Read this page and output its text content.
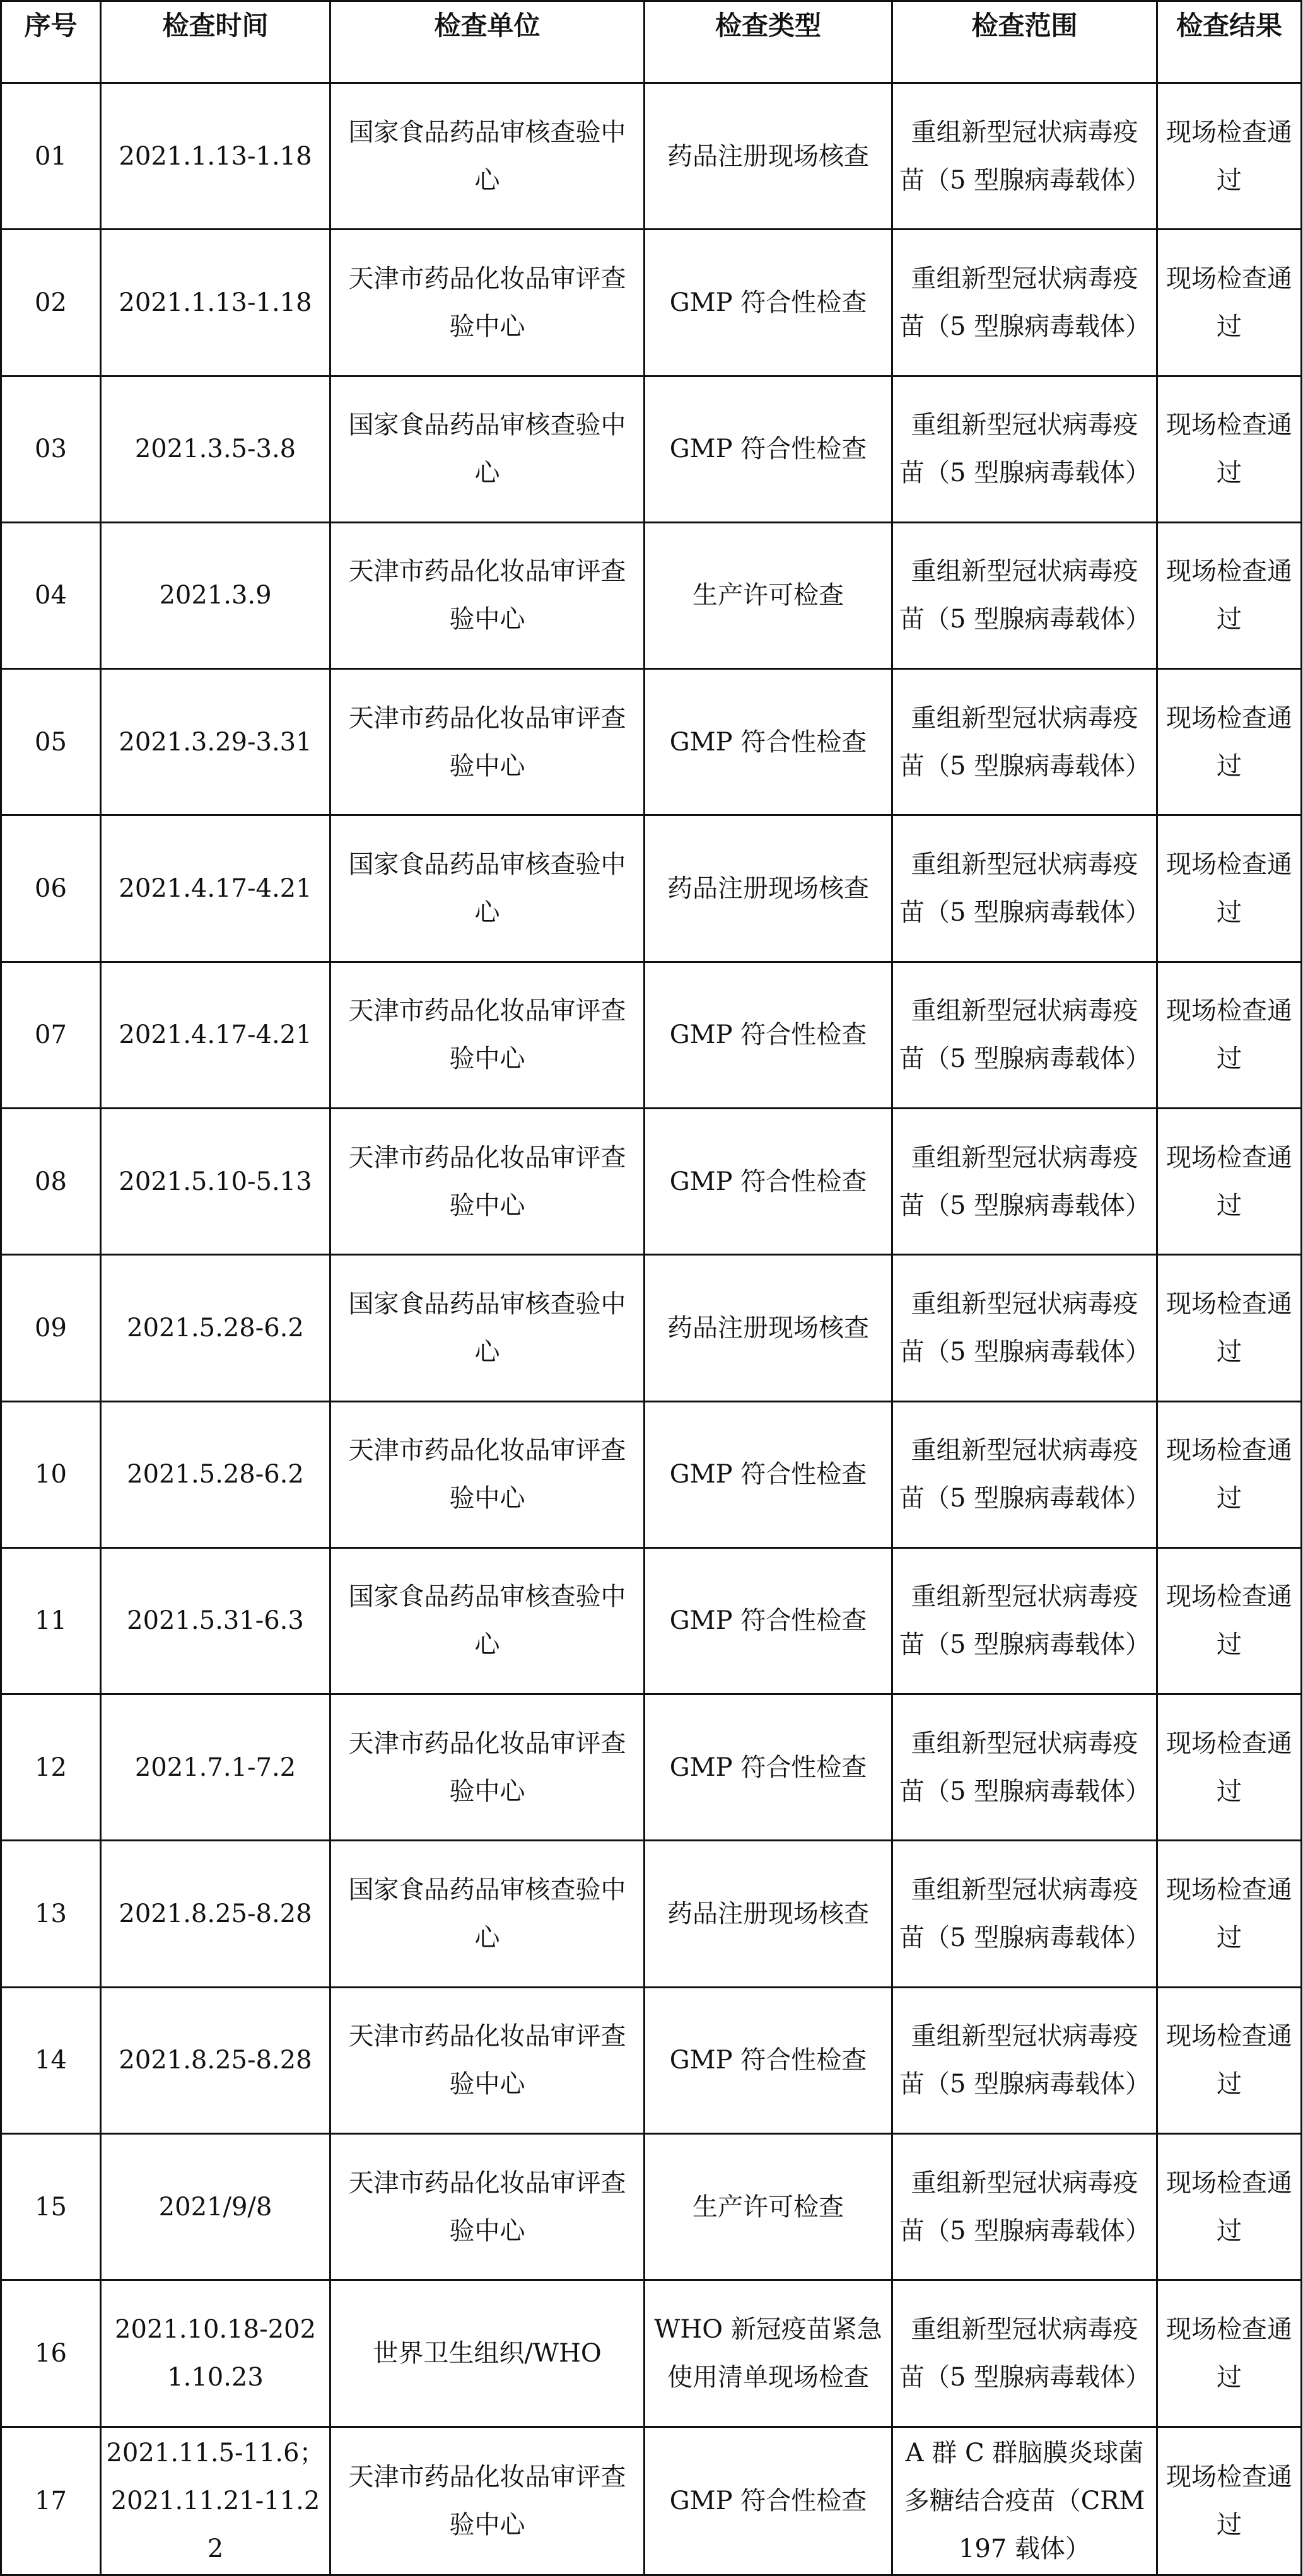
序号	检查时间	检查单位	检查类型	检查范围	检查结果
01	2021.1.13-1.18	国家食品药品审核查验中心	药品注册现场核查	重组新型冠状病毒疫苗（5 型腺病毒载体）	现场检查通过
02	2021.1.13-1.18	天津市药品化妆品审评查验中心	GMP 符合性检查	重组新型冠状病毒疫苗（5 型腺病毒载体）	现场检查通过
03	2021.3.5-3.8	国家食品药品审核查验中心	GMP 符合性检查	重组新型冠状病毒疫苗（5 型腺病毒载体）	现场检查通过
04	2021.3.9	天津市药品化妆品审评查验中心	生产许可检查	重组新型冠状病毒疫苗（5 型腺病毒载体）	现场检查通过
05	2021.3.29-3.31	天津市药品化妆品审评查验中心	GMP 符合性检查	重组新型冠状病毒疫苗（5 型腺病毒载体）	现场检查通过
06	2021.4.17-4.21	国家食品药品审核查验中心	药品注册现场核查	重组新型冠状病毒疫苗（5 型腺病毒载体）	现场检查通过
07	2021.4.17-4.21	天津市药品化妆品审评查验中心	GMP 符合性检查	重组新型冠状病毒疫苗（5 型腺病毒载体）	现场检查通过
08	2021.5.10-5.13	天津市药品化妆品审评查验中心	GMP 符合性检查	重组新型冠状病毒疫苗（5 型腺病毒载体）	现场检查通过
09	2021.5.28-6.2	国家食品药品审核查验中心	药品注册现场核查	重组新型冠状病毒疫苗（5 型腺病毒载体）	现场检查通过
10	2021.5.28-6.2	天津市药品化妆品审评查验中心	GMP 符合性检查	重组新型冠状病毒疫苗（5 型腺病毒载体）	现场检查通过
11	2021.5.31-6.3	国家食品药品审核查验中心	GMP 符合性检查	重组新型冠状病毒疫苗（5 型腺病毒载体）	现场检查通过
12	2021.7.1-7.2	天津市药品化妆品审评查验中心	GMP 符合性检查	重组新型冠状病毒疫苗（5 型腺病毒载体）	现场检查通过
13	2021.8.25-8.28	国家食品药品审核查验中心	药品注册现场核查	重组新型冠状病毒疫苗（5 型腺病毒载体）	现场检查通过
14	2021.8.25-8.28	天津市药品化妆品审评查验中心	GMP 符合性检查	重组新型冠状病毒疫苗（5 型腺病毒载体）	现场检查通过
15	2021/9/8	天津市药品化妆品审评查验中心	生产许可检查	重组新型冠状病毒疫苗（5 型腺病毒载体）	现场检查通过
16	2021.10.18-2021.10.23	世界卫生组织/WHO	WHO 新冠疫苗紧急使用清单现场检查	重组新型冠状病毒疫苗（5 型腺病毒载体）	现场检查通过
17	2021.11.5-11.6；2021.11.21-11.22	天津市药品化妆品审评查验中心	GMP 符合性检查	A 群 C 群脑膜炎球菌多糖结合疫苗（CRM197 载体）	现场检查通过
